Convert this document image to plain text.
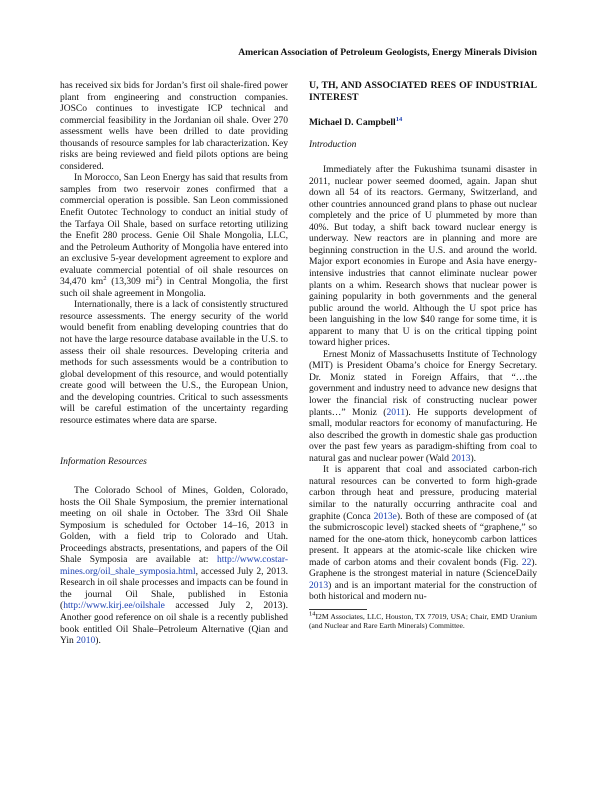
American Association of Petroleum Geologists, Energy Minerals Division

has received six bids for Jordan’s first oil shale-fired power plant from engineering and construction companies. JOSCo continues to investigate ICP technical and commercial feasibility in the Jordanian oil shale. Over 270 assessment wells have been drilled to date providing thousands of resource samples for lab characterization. Key risks are being reviewed and field pilots options are being considered.

In Morocco, San Leon Energy has said that results from samples from two reservoir zones confirmed that a commercial operation is possible. San Leon commissioned Enefit Outotec Technology to conduct an initial study of the Tarfaya Oil Shale, based on surface retorting utilizing the Enefit 280 process. Genie Oil Shale Mongolia, LLC, and the Petroleum Authority of Mongolia have entered into an exclusive 5-year development agreement to explore and evaluate commercial potential of oil shale resources on 34,470 $km^2$ (13,309 $mi^2$) in Central Mongolia, the first such oil shale agreement in Mongolia.

Internationally, there is a lack of consistently structured resource assessments. The energy security of the world would benefit from enabling developing countries that do not have the large resource database available in the U.S. to assess their oil shale resources. Developing criteria and methods for such assessments would be a contribution to global development of this resource, and would potentially create good will between the U.S., the European Union, and the developing countries. Critical to such assessments will be careful estimation of the uncertainty regarding resource estimates where data are sparse.

Information Resources

The Colorado School of Mines, Golden, Colorado, hosts the Oil Shale Symposium, the premier international meeting on oil shale in October. The 33rd Oil Shale Symposium is scheduled for October 14–16, 2013 in Golden, with a field trip to Colorado and Utah. Proceedings abstracts, presentations, and papers of the Oil Shale Symposia are available at: http://www.costar-mines.org/oil_shale_symposia.html, accessed July 2, 2013. Research in oil shale processes and impacts can be found in the journal Oil Shale, published in Estonia (http://www.kirj.ee/oilshale accessed July 2, 2013). Another good reference on oil shale is a recently published book entitled Oil Shale–Petroleum Alternative (Qian and Yin 2010).

U, TH, AND ASSOCIATED REES OF INDUSTRIAL INTEREST

Michael D. Campbell$^{14}$

Introduction

Immediately after the Fukushima tsunami disaster in 2011, nuclear power seemed doomed, again. Japan shut down all 54 of its reactors. Germany, Switzerland, and other countries announced grand plans to phase out nuclear completely and the price of U plummeted by more than 40%. But today, a shift back toward nuclear energy is underway. New reactors are in planning and more are beginning construction in the U.S. and around the world. Major export economies in Europe and Asia have energy-intensive industries that cannot eliminate nuclear power plants on a whim. Research shows that nuclear power is gaining popularity in both governments and the general public around the world. Although the U spot price has been languishing in the low $40 range for some time, it is apparent to many that U is on the critical tipping point toward higher prices.

Ernest Moniz of Massachusetts Institute of Technology (MIT) is President Obama’s choice for Energy Secretary. Dr. Moniz stated in Foreign Affairs, that “…the government and industry need to advance new designs that lower the financial risk of constructing nuclear power plants…” Moniz (2011). He supports development of small, modular reactors for economy of manufacturing. He also described the growth in domestic shale gas production over the past few years as paradigm-shifting from coal to natural gas and nuclear power (Wald 2013).

It is apparent that coal and associated carbon-rich natural resources can be converted to form high-grade carbon through heat and pressure, producing material similar to the naturally occurring anthracite coal and graphite (Conca 2013e). Both of these are composed of (at the submicroscopic level) stacked sheets of “graphene,” so named for the one-atom thick, honeycomb carbon lattices present. It appears at the atomic-scale like chicken wire made of carbon atoms and their covalent bonds (Fig. 22). Graphene is the strongest material in nature (ScienceDaily 2013) and is an important material for the construction of both historical and modern nu-

$^{14}$I2M Associates, LLC, Houston, TX 77019, USA; Chair, EMD Uranium (and Nuclear and Rare Earth Minerals) Committee.
